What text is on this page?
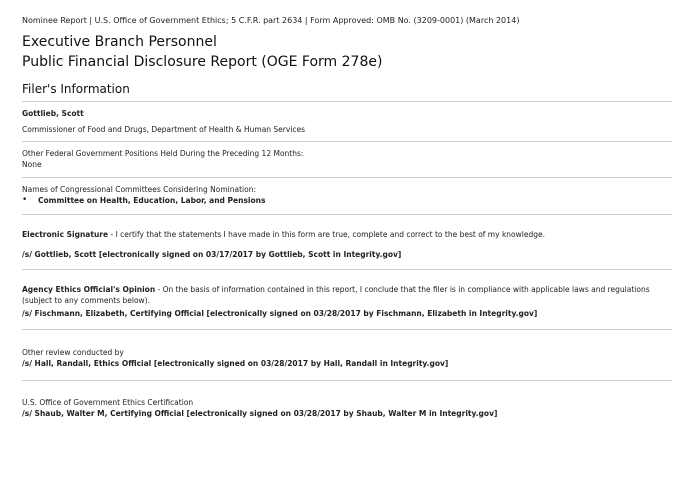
Nominee Report | U.S. Office of Government Ethics; 5 C.F.R. part 2634 | Form Approved: OMB No. (3209-0001) (March 2014)
Executive Branch Personnel
Public Financial Disclosure Report (OGE Form 278e)
Filer's Information
Gottlieb, Scott
Commissioner of Food and Drugs, Department of Health & Human Services
Other Federal Government Positions Held During the Preceding 12 Months:
None
Names of Congressional Committees Considering Nomination:
•	Committee on Health, Education, Labor, and Pensions
Electronic Signature - I certify that the statements I have made in this form are true, complete and correct to the best of my knowledge.
/s/ Gottlieb, Scott [electronically signed on 03/17/2017 by Gottlieb, Scott in Integrity.gov]
Agency Ethics Official's Opinion - On the basis of information contained in this report, I conclude that the filer is in compliance with applicable laws and regulations (subject to any comments below).
/s/ Fischmann, Elizabeth, Certifying Official [electronically signed on 03/28/2017 by Fischmann, Elizabeth in Integrity.gov]
Other review conducted by
/s/ Hall, Randall, Ethics Official [electronically signed on 03/28/2017 by Hall, Randall in Integrity.gov]
U.S. Office of Government Ethics Certification
/s/ Shaub, Walter M, Certifying Official [electronically signed on 03/28/2017 by Shaub, Walter M in Integrity.gov]
